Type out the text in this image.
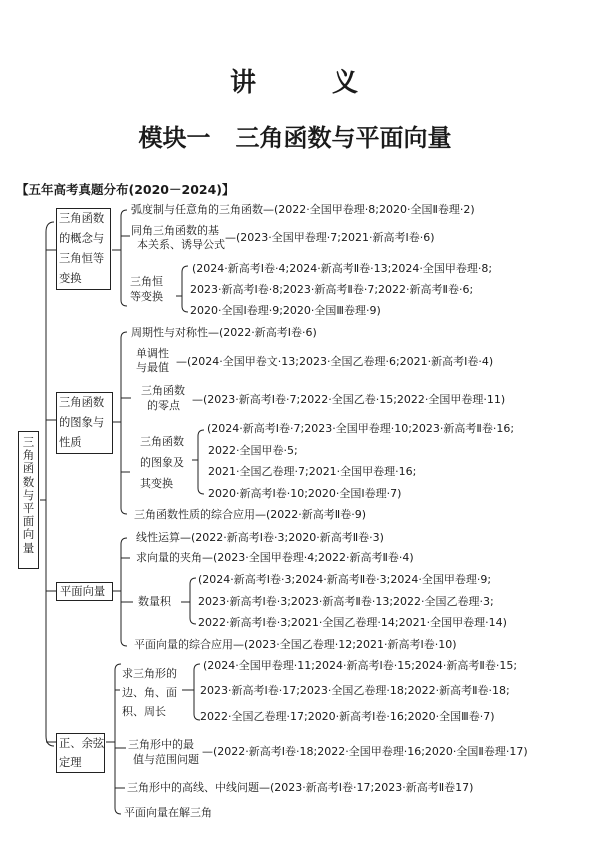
讲	义
模块一   三角函数与平面向量
【五年高考真题分布(2020－2024)】
三
角
函
数
与
平
面
向
量
三角函数
的概念与
三角恒等
变换
弧度制与任意角的三角函数—(2022·全国甲卷理·8;2020·全国Ⅱ卷理·2)
同角三角函数的基
本关系、诱导公式
—(2023·全国甲卷理·7;2021·新高考Ⅰ卷·6)
三角恒
等变换
(2024·新高考Ⅰ卷·4;2024·新高考Ⅱ卷·13;2024·全国甲卷理·8;
2023·新高考Ⅰ卷·8;2023·新高考Ⅱ卷·7;2022·新高考Ⅱ卷·6;
2020·全国Ⅰ卷理·9;2020·全国Ⅲ卷理·9)
三角函数
的图象与
性质
周期性与对称性—(2022·新高考Ⅰ卷·6)
单调性
与最值 —(2024·全国甲卷文·13;2023·全国乙卷理·6;2021·新高考Ⅰ卷·4)
三角函数
的零点 —(2023·新高考Ⅰ卷·7;2022·全国乙卷·15;2022·全国甲卷理·11)
三角函数
的图象及
其变换
(2024·新高考Ⅰ卷·7;2023·全国甲卷理·10;2023·新高考Ⅱ卷·16;
2022·全国甲卷·5;
2021·全国乙卷理·7;2021·全国甲卷理·16;
2020·新高考Ⅰ卷·10;2020·全国Ⅰ卷理·7)
三角函数性质的综合应用—(2022·新高考Ⅱ卷·9)
平面向量
线性运算—(2022·新高考Ⅰ卷·3;2020·新高考Ⅱ卷·3)
求向量的夹角—(2023·全国甲卷理·4;2022·新高考Ⅱ卷·4)
数量积
(2024·新高考Ⅰ卷·3;2024·新高考Ⅱ卷·3;2024·全国甲卷理·9;
2023·新高考Ⅰ卷·3;2023·新高考Ⅱ卷·13;2022·全国乙卷理·3;
2022·新高考Ⅰ卷·3;2021·全国乙卷理·14;2021·全国甲卷理·14)
平面向量的综合应用—(2023·全国乙卷理·12;2021·新高考Ⅰ卷·10)
正、余弦
定理
求三角形的
边、角、面
积、周长
(2024·全国甲卷理·11;2024·新高考Ⅰ卷·15;2024·新高考Ⅱ卷·15;
2023·新高考Ⅰ卷·17;2023·全国乙卷理·18;2022·新高考Ⅱ卷·18;
2022·全国乙卷理·17;2020·新高考Ⅰ卷·16;2020·全国Ⅲ卷·7)
三角形中的最
值与范围问题
—(2022·新高考Ⅰ卷·18;2022·全国甲卷理·16;2020·全国Ⅱ卷理·17)
三角形中的高线、中线问题—(2023·新高考Ⅰ卷·17;2023·新高考Ⅱ卷17)
平面向量在解三角
